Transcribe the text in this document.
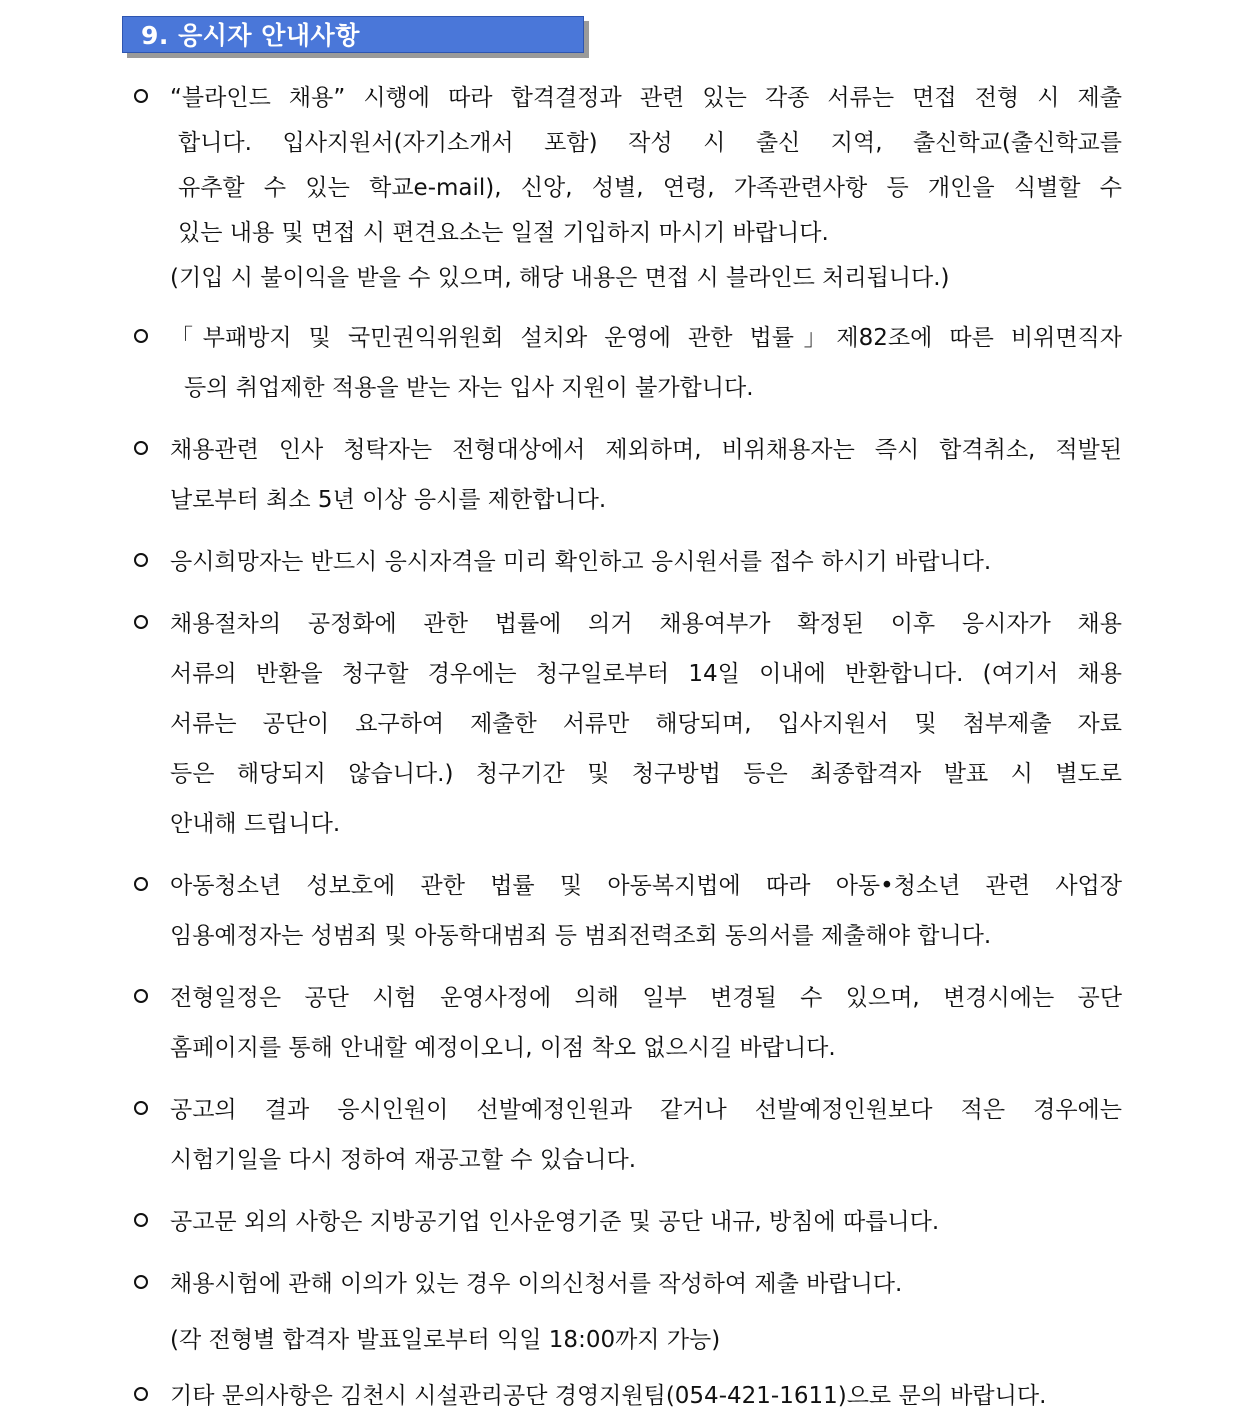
9. 응시자 안내사항
“블라인드 채용” 시행에 따라 합격결정과 관련 있는 각종 서류는 면접 전형 시 제출
합니다. 입사지원서(자기소개서 포함) 작성 시 출신 지역, 출신학교(출신학교를
유추할 수 있는 학교e-mail), 신앙, 성별, 연령, 가족관련사항 등 개인을 식별할 수
있는 내용 및 면접 시 편견요소는 일절 기입하지 마시기 바랍니다.
(기입 시 불이익을 받을 수 있으며, 해당 내용은 면접 시 블라인드 처리됩니다.)
「부패방지 및 국민권익위원회 설치와 운영에 관한 법률」제82조에 따른 비위면직자
등의 취업제한 적용을 받는 자는 입사 지원이 불가합니다.
채용관련 인사 청탁자는 전형대상에서 제외하며, 비위채용자는 즉시 합격취소, 적발된
날로부터 최소 5년 이상 응시를 제한합니다.
응시희망자는 반드시 응시자격을 미리 확인하고 응시원서를 접수 하시기 바랍니다.
채용절차의 공정화에 관한 법률에 의거 채용여부가 확정된 이후 응시자가 채용
서류의 반환을 청구할 경우에는 청구일로부터 14일 이내에 반환합니다. (여기서 채용
서류는 공단이 요구하여 제출한 서류만 해당되며, 입사지원서 및 첨부제출 자료
등은 해당되지 않습니다.) 청구기간 및 청구방법 등은 최종합격자 발표 시 별도로
안내해 드립니다.
아동청소년 성보호에 관한 법률 및 아동복지법에 따라 아동•청소년 관련 사업장
임용예정자는 성범죄 및 아동학대범죄 등 범죄전력조회 동의서를 제출해야 합니다.
전형일정은 공단 시험 운영사정에 의해 일부 변경될 수 있으며, 변경시에는 공단
홈페이지를 통해 안내할 예정이오니, 이점 착오 없으시길 바랍니다.
공고의 결과 응시인원이 선발예정인원과 같거나 선발예정인원보다 적은 경우에는
시험기일을 다시 정하여 재공고할 수 있습니다.
공고문 외의 사항은 지방공기업 인사운영기준 및 공단 내규, 방침에 따릅니다.
채용시험에 관해 이의가 있는 경우 이의신청서를 작성하여 제출 바랍니다.
(각 전형별 합격자 발표일로부터 익일 18:00까지 가능)
기타 문의사항은 김천시 시설관리공단 경영지원팀(054-421-1611)으로 문의 바랍니다.
